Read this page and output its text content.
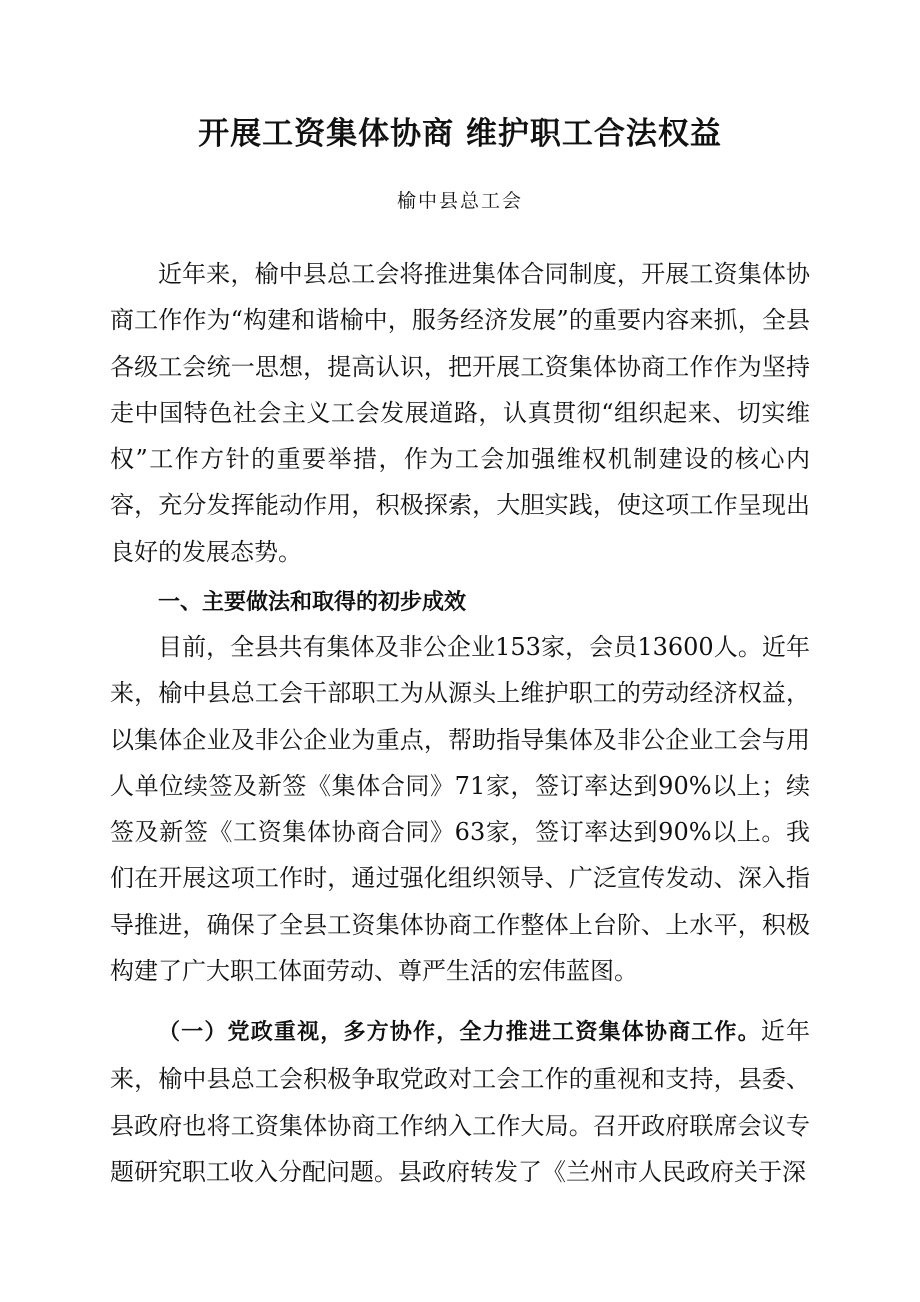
开展工资集体协商 维护职工合法权益

榆中县总工会

近年来，榆中县总工会将推进集体合同制度，开展工资集体协商工作作为“构建和谐榆中，服务经济发展”的重要内容来抓，全县各级工会统一思想，提高认识，把开展工资集体协商工作作为坚持走中国特色社会主义工会发展道路，认真贯彻“组织起来、切实维权”工作方针的重要举措，作为工会加强维权机制建设的核心内容，充分发挥能动作用，积极探索，大胆实践，使这项工作呈现出良好的发展态势。

一、主要做法和取得的初步成效

目前，全县共有集体及非公企业153家，会员13600人。近年来，榆中县总工会干部职工为从源头上维护职工的劳动经济权益，以集体企业及非公企业为重点，帮助指导集体及非公企业工会与用人单位续签及新签《集体合同》71家，签订率达到90%以上；续签及新签《工资集体协商合同》63家，签订率达到90%以上。我们在开展这项工作时，通过强化组织领导、广泛宣传发动、深入指导推进，确保了全县工资集体协商工作整体上台阶、上水平，积极构建了广大职工体面劳动、尊严生活的宏伟蓝图。

（一）党政重视，多方协作，全力推进工资集体协商工作。近年来，榆中县总工会积极争取党政对工会工作的重视和支持，县委、县政府也将工资集体协商工作纳入工作大局。召开政府联席会议专题研究职工收入分配问题。县政府转发了《兰州市人民政府关于深
